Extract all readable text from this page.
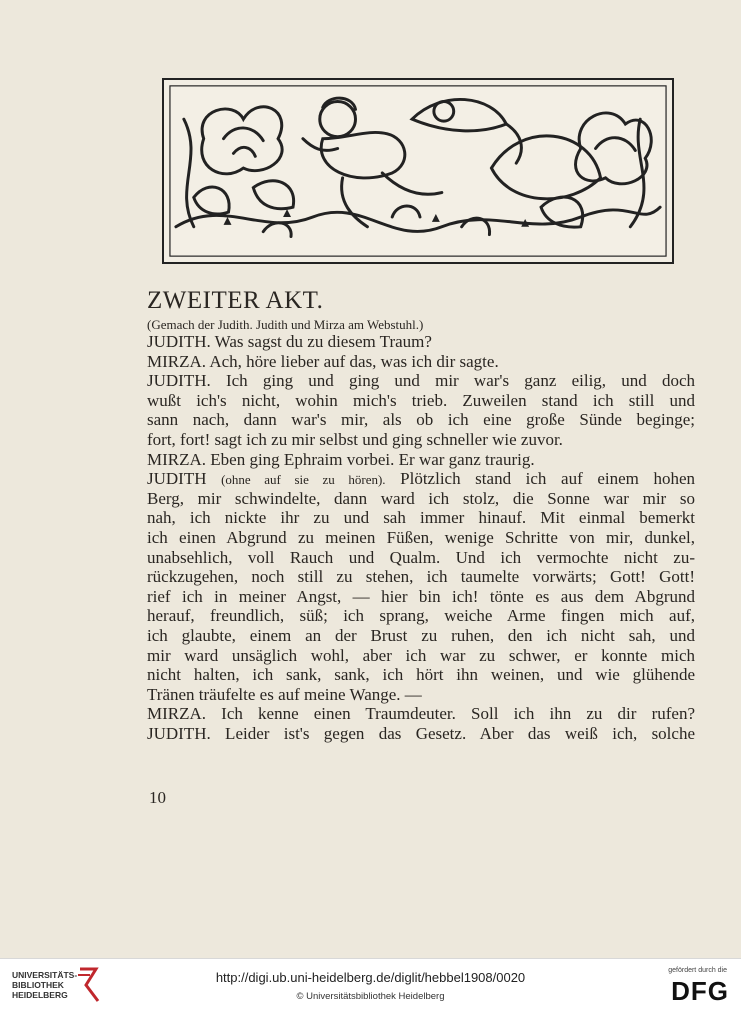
ZWEITER AKT.
(Gemach der Judith. Judith und Mirza am Webstuhl.)
JUDITH. Was sagst du zu diesem Traum?
MIRZA. Ach, höre lieber auf das, was ich dir sagte.
JUDITH. Ich ging und ging und mir war's ganz eilig, und doch
wußt ich's nicht, wohin mich's trieb. Zuweilen stand ich still und
sann nach, dann war's mir, als ob ich eine große Sünde beginge;
fort, fort! sagt ich zu mir selbst und ging schneller wie zuvor.
MIRZA. Eben ging Ephraim vorbei. Er war ganz traurig.
JUDITH (ohne auf sie zu hören). Plötzlich stand ich auf einem hohen
Berg, mir schwindelte, dann ward ich stolz, die Sonne war mir so
nah, ich nickte ihr zu und sah immer hinauf. Mit einmal bemerkt
ich einen Abgrund zu meinen Füßen, wenige Schritte von mir, dunkel,
unabsehlich, voll Rauch und Qualm. Und ich vermochte nicht zu-
rückzugehen, noch still zu stehen, ich taumelte vorwärts; Gott! Gott!
rief ich in meiner Angst, — hier bin ich! tönte es aus dem Abgrund
herauf, freundlich, süß; ich sprang, weiche Arme fingen mich auf,
ich glaubte, einem an der Brust zu ruhen, den ich nicht sah, und
mir ward unsäglich wohl, aber ich war zu schwer, er konnte mich
nicht halten, ich sank, sank, ich hört ihn weinen, und wie glühende
Tränen träufelte es auf meine Wange. —
MIRZA. Ich kenne einen Traumdeuter. Soll ich ihn zu dir rufen?
JUDITH. Leider ist's gegen das Gesetz. Aber das weiß ich, solche
10
UNIVERSITÄTS-
BIBLIOTHEK
HEIDELBERG
http://digi.ub.uni-heidelberg.de/diglit/hebbel1908/0020
© Universitätsbibliothek Heidelberg
gefördert durch die
DFG
